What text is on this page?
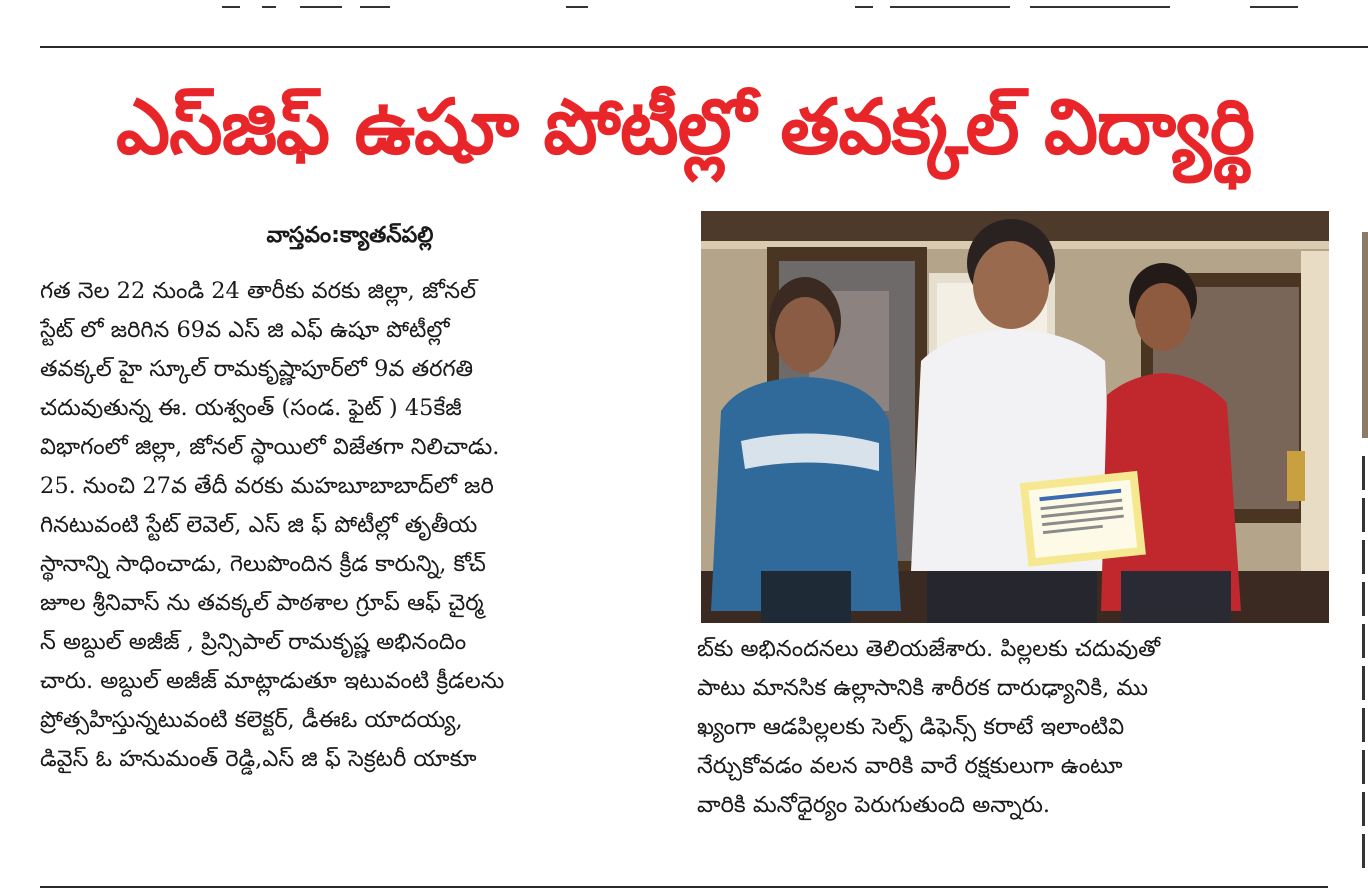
ఎస్‌జిఫ్ ఉషూ పోటీల్లో తవక్కల్ విద్యార్థి
వాస్తవం:క్యాతన్‌పల్లి
గత నెల 22 నుండి 24 తారీకు వరకు జిల్లా, జోనల్
స్టేట్ లో జరిగిన 69వ ఎస్ జి ఎఫ్ ఉషూ పోటీల్లో
తవక్కల్ హై స్కూల్ రామకృష్ణాపూర్‌లో 9వ తరగతి
చదువుతున్న ఈ. యశ్వంత్ (సండ. ఫైట్ ) 45కేజీ
విభాగంలో జిల్లా, జోనల్ స్థాయిలో విజేతగా నిలిచాడు.
25. నుంచి 27వ తేదీ వరకు మహబూబాబాద్‌లో జరి
గినటువంటి స్టేట్ లెవెల్, ఎస్ జి ఫ్ పోటీల్లో తృతీయ
స్థానాన్ని సాధించాడు, గెలుపొందిన క్రీడ కారున్ని, కోచ్
జూల శ్రీనివాస్ ను తవక్కల్ పాఠశాల గ్రూప్ ఆఫ్ చైర్మ
న్ అబ్దుల్ అజీజ్ , ప్రిన్సిపాల్ రామకృష్ణ అభినందిం
చారు. అబ్దుల్ అజీజ్ మాట్లాడుతూ ఇటువంటి క్రీడలను
ప్రోత్సహిస్తున్నటువంటి కలెక్టర్, డీఈఓ యాదయ్య,
డివైస్ ఓ హనుమంత్ రెడ్డి,ఎస్ జి ఫ్ సెక్రటరీ యాకూ
బ్‌కు అభినందనలు తెలియజేశారు. పిల్లలకు చదువుతో
పాటు మానసిక ఉల్లాసానికి శారీరక దారుఢ్యానికి, ము
ఖ్యంగా ఆడపిల్లలకు సెల్ఫ్ డిఫెన్స్ కరాటే ఇలాంటివి
నేర్చుకోవడం వలన వారికి వారే రక్షకులుగా ఉంటూ
వారికి మనోధైర్యం పెరుగుతుంది అన్నారు.
